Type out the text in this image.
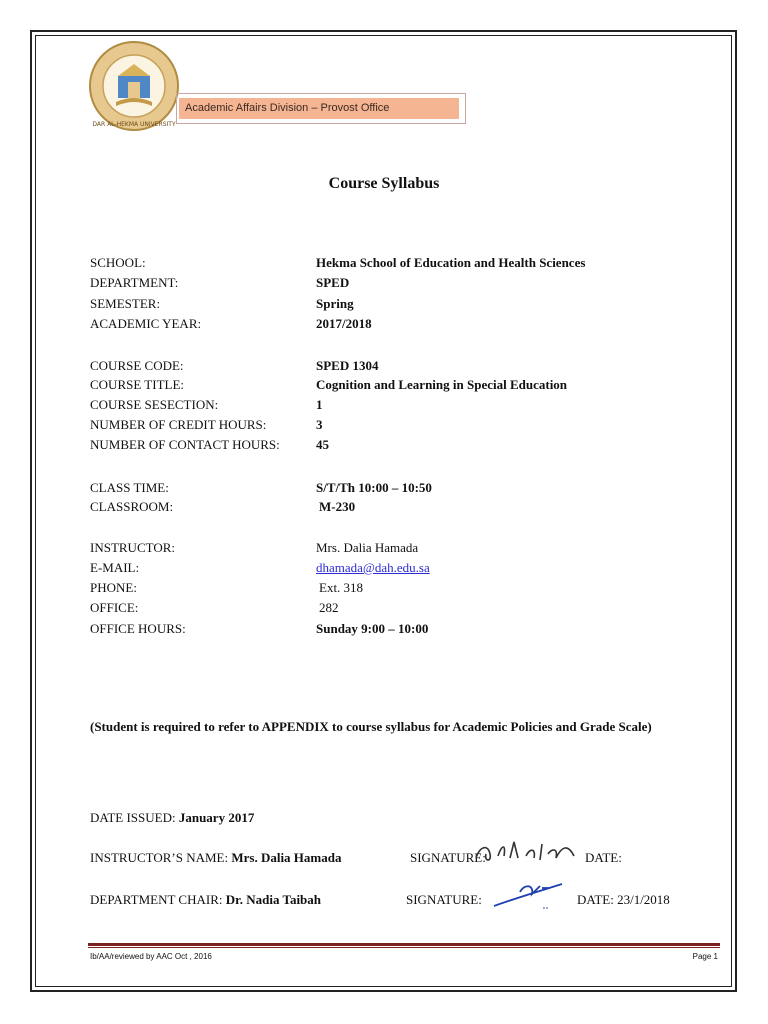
DAR AL-HEKMA UNIVERSITY
Academic Affairs Division – Provost Office
Course Syllabus
SCHOOL:	Hekma School of Education and Health Sciences
DEPARTMENT:	SPED
SEMESTER:	Spring
ACADEMIC YEAR:	2017/2018
COURSE CODE:	SPED 1304
COURSE TITLE:	Cognition and Learning in Special Education
COURSE SESECTION:	1
NUMBER OF CREDIT HOURS:	3
NUMBER OF CONTACT HOURS:	45
CLASS TIME:	S/T/Th 10:00 – 10:50
CLASSROOM:	M-230
INSTRUCTOR:	Mrs. Dalia Hamada
E-MAIL:	dhamada@dah.edu.sa
PHONE:	Ext. 318
OFFICE:	282
OFFICE HOURS:	Sunday 9:00 – 10:00
(Student is required to refer to APPENDIX to course syllabus for Academic Policies and Grade Scale)
DATE ISSUED: January 2017
INSTRUCTOR’S NAME: Mrs. Dalia Hamada	SIGNATURE:	DATE:
DEPARTMENT CHAIR: Dr. Nadia Taibah	SIGNATURE:	DATE: 23/1/2018
Ib/AA/reviewed by AAC Oct , 2016	Page 1
